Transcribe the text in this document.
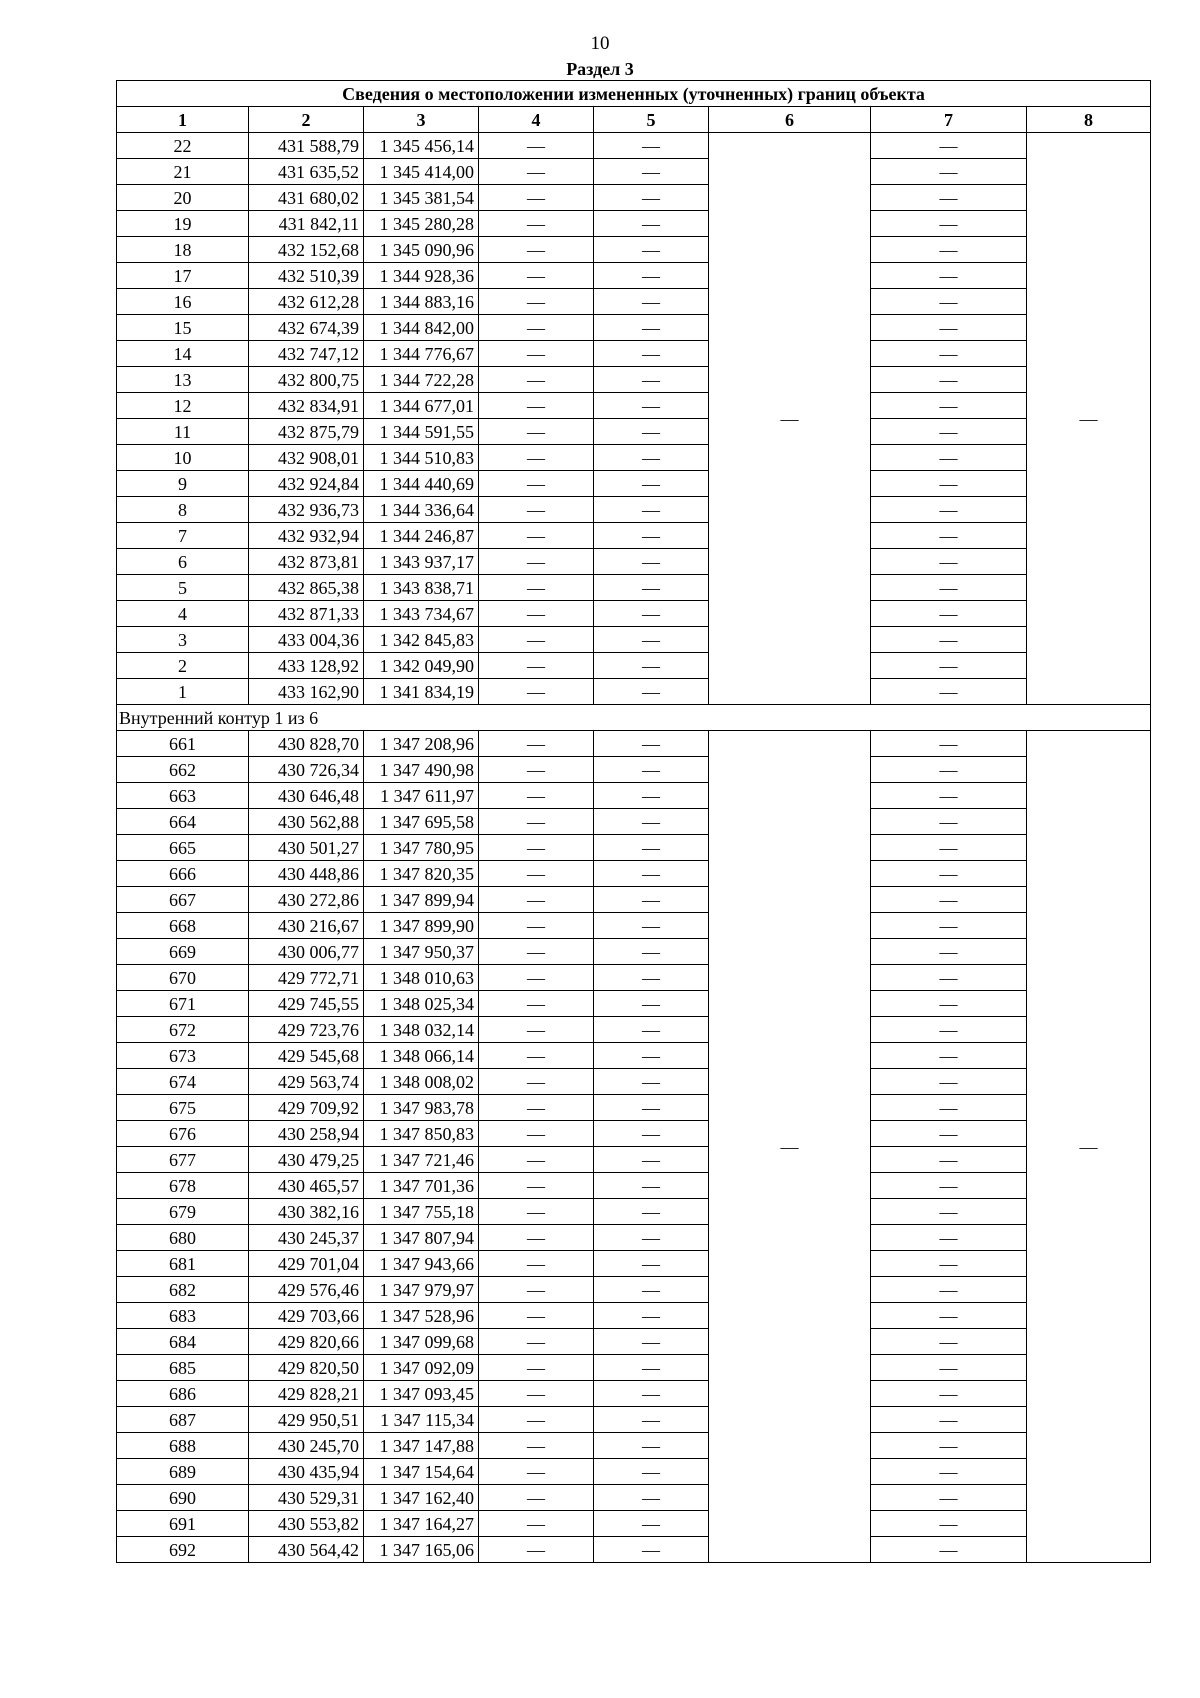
10
Раздел 3
Сведения о местоположении измененных (уточненных) границ объекта							
1	2	3	4	5	6	7	8
22	431 588,79	1 345 456,14	—	—	—	—	—
21	431 635,52	1 345 414,00	—	—		—	
20	431 680,02	1 345 381,54	—	—		—	
19	431 842,11	1 345 280,28	—	—		—	
18	432 152,68	1 345 090,96	—	—		—	
17	432 510,39	1 344 928,36	—	—		—	
16	432 612,28	1 344 883,16	—	—		—	
15	432 674,39	1 344 842,00	—	—		—	
14	432 747,12	1 344 776,67	—	—		—	
13	432 800,75	1 344 722,28	—	—		—	
12	432 834,91	1 344 677,01	—	—		—	
11	432 875,79	1 344 591,55	—	—		—	
10	432 908,01	1 344 510,83	—	—		—	
9	432 924,84	1 344 440,69	—	—		—	
8	432 936,73	1 344 336,64	—	—		—	
7	432 932,94	1 344 246,87	—	—		—	
6	432 873,81	1 343 937,17	—	—		—	
5	432 865,38	1 343 838,71	—	—		—	
4	432 871,33	1 343 734,67	—	—		—	
3	433 004,36	1 342 845,83	—	—		—	
2	433 128,92	1 342 049,90	—	—		—	
1	433 162,90	1 341 834,19	—	—		—	
Внутренний контур 1 из 6							
661	430 828,70	1 347 208,96	—	—	—	—	—
662	430 726,34	1 347 490,98	—	—		—	
663	430 646,48	1 347 611,97	—	—		—	
664	430 562,88	1 347 695,58	—	—		—	
665	430 501,27	1 347 780,95	—	—		—	
666	430 448,86	1 347 820,35	—	—		—	
667	430 272,86	1 347 899,94	—	—		—	
668	430 216,67	1 347 899,90	—	—		—	
669	430 006,77	1 347 950,37	—	—		—	
670	429 772,71	1 348 010,63	—	—		—	
671	429 745,55	1 348 025,34	—	—		—	
672	429 723,76	1 348 032,14	—	—		—	
673	429 545,68	1 348 066,14	—	—		—	
674	429 563,74	1 348 008,02	—	—		—	
675	429 709,92	1 347 983,78	—	—		—	
676	430 258,94	1 347 850,83	—	—		—	
677	430 479,25	1 347 721,46	—	—		—	
678	430 465,57	1 347 701,36	—	—		—	
679	430 382,16	1 347 755,18	—	—		—	
680	430 245,37	1 347 807,94	—	—		—	
681	429 701,04	1 347 943,66	—	—		—	
682	429 576,46	1 347 979,97	—	—		—	
683	429 703,66	1 347 528,96	—	—		—	
684	429 820,66	1 347 099,68	—	—		—	
685	429 820,50	1 347 092,09	—	—		—	
686	429 828,21	1 347 093,45	—	—		—	
687	429 950,51	1 347 115,34	—	—		—	
688	430 245,70	1 347 147,88	—	—		—	
689	430 435,94	1 347 154,64	—	—		—	
690	430 529,31	1 347 162,40	—	—		—	
691	430 553,82	1 347 164,27	—	—		—	
692	430 564,42	1 347 165,06	—	—		—	
